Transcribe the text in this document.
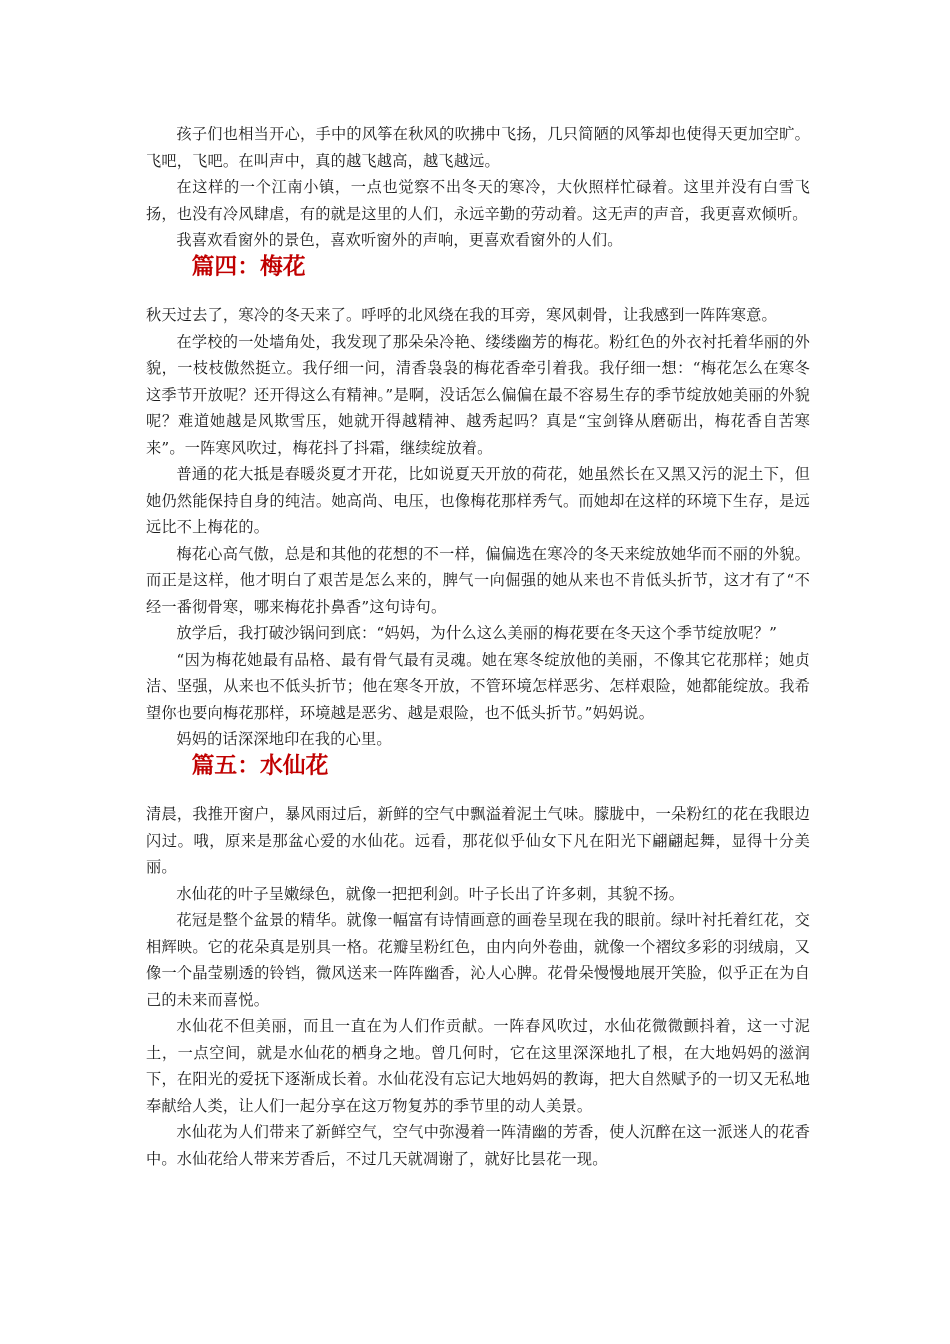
孩子们也相当开心，手中的风筝在秋风的吹拂中飞扬，几只简陋的风筝却也使得天更加空旷。飞吧，飞吧。在叫声中，真的越飞越高，越飞越远。

在这样的一个江南小镇，一点也觉察不出冬天的寒冷，大伙照样忙碌着。这里并没有白雪飞扬，也没有冷风肆虐，有的就是这里的人们，永远辛勤的劳动着。这无声的声音，我更喜欢倾听。

我喜欢看窗外的景色，喜欢听窗外的声响，更喜欢看窗外的人们。

篇四：梅花

秋天过去了，寒冷的冬天来了。呼呼的北风绕在我的耳旁，寒风刺骨，让我感到一阵阵寒意。

在学校的一处墙角处，我发现了那朵朵冷艳、缕缕幽芳的梅花。粉红色的外衣衬托着华丽的外貌，一枝枝傲然挺立。我仔细一问，清香袅袅的梅花香牵引着我。我仔细一想：“梅花怎么在寒冬这季节开放呢？还开得这么有精神。”是啊，没话怎么偏偏在最不容易生存的季节绽放她美丽的外貌呢？难道她越是风欺雪压，她就开得越精神、越秀起吗？真是“宝剑锋从磨砺出，梅花香自苦寒来”。一阵寒风吹过，梅花抖了抖霜，继续绽放着。

普通的花大抵是春暖炎夏才开花，比如说夏天开放的荷花，她虽然长在又黑又污的泥土下，但她仍然能保持自身的纯洁。她高尚、电压，也像梅花那样秀气。而她却在这样的环境下生存，是远远比不上梅花的。

梅花心高气傲，总是和其他的花想的不一样，偏偏选在寒冷的冬天来绽放她华而不丽的外貌。而正是这样，他才明白了艰苦是怎么来的，脾气一向倔强的她从来也不肯低头折节，这才有了“不经一番彻骨寒，哪来梅花扑鼻香”这句诗句。

放学后，我打破沙锅问到底：“妈妈，为什么这么美丽的梅花要在冬天这个季节绽放呢？”

“因为梅花她最有品格、最有骨气最有灵魂。她在寒冬绽放他的美丽，不像其它花那样；她贞洁、坚强，从来也不低头折节；他在寒冬开放，不管环境怎样恶劣、怎样艰险，她都能绽放。我希望你也要向梅花那样，环境越是恶劣、越是艰险，也不低头折节。”妈妈说。

妈妈的话深深地印在我的心里。

篇五：水仙花

清晨，我推开窗户，暴风雨过后，新鲜的空气中飘溢着泥土气味。朦胧中，一朵粉红的花在我眼边闪过。哦，原来是那盆心爱的水仙花。远看，那花似乎仙女下凡在阳光下翩翩起舞，显得十分美丽。

水仙花的叶子呈嫩绿色，就像一把把利剑。叶子长出了许多刺，其貌不扬。

花冠是整个盆景的精华。就像一幅富有诗情画意的画卷呈现在我的眼前。绿叶衬托着红花，交相辉映。它的花朵真是别具一格。花瓣呈粉红色，由内向外卷曲，就像一个褶纹多彩的羽绒扇，又像一个晶莹剔透的铃铛，微风送来一阵阵幽香，沁人心脾。花骨朵慢慢地展开笑脸，似乎正在为自己的未来而喜悦。

水仙花不但美丽，而且一直在为人们作贡献。一阵春风吹过，水仙花微微颤抖着，这一寸泥土，一点空间，就是水仙花的栖身之地。曾几何时，它在这里深深地扎了根，在大地妈妈的滋润下，在阳光的爱抚下逐渐成长着。水仙花没有忘记大地妈妈的教诲，把大自然赋予的一切又无私地奉献给人类，让人们一起分享在这万物复苏的季节里的动人美景。

水仙花为人们带来了新鲜空气，空气中弥漫着一阵清幽的芳香，使人沉醉在这一派迷人的花香中。水仙花给人带来芳香后，不过几天就凋谢了，就好比昙花一现。
